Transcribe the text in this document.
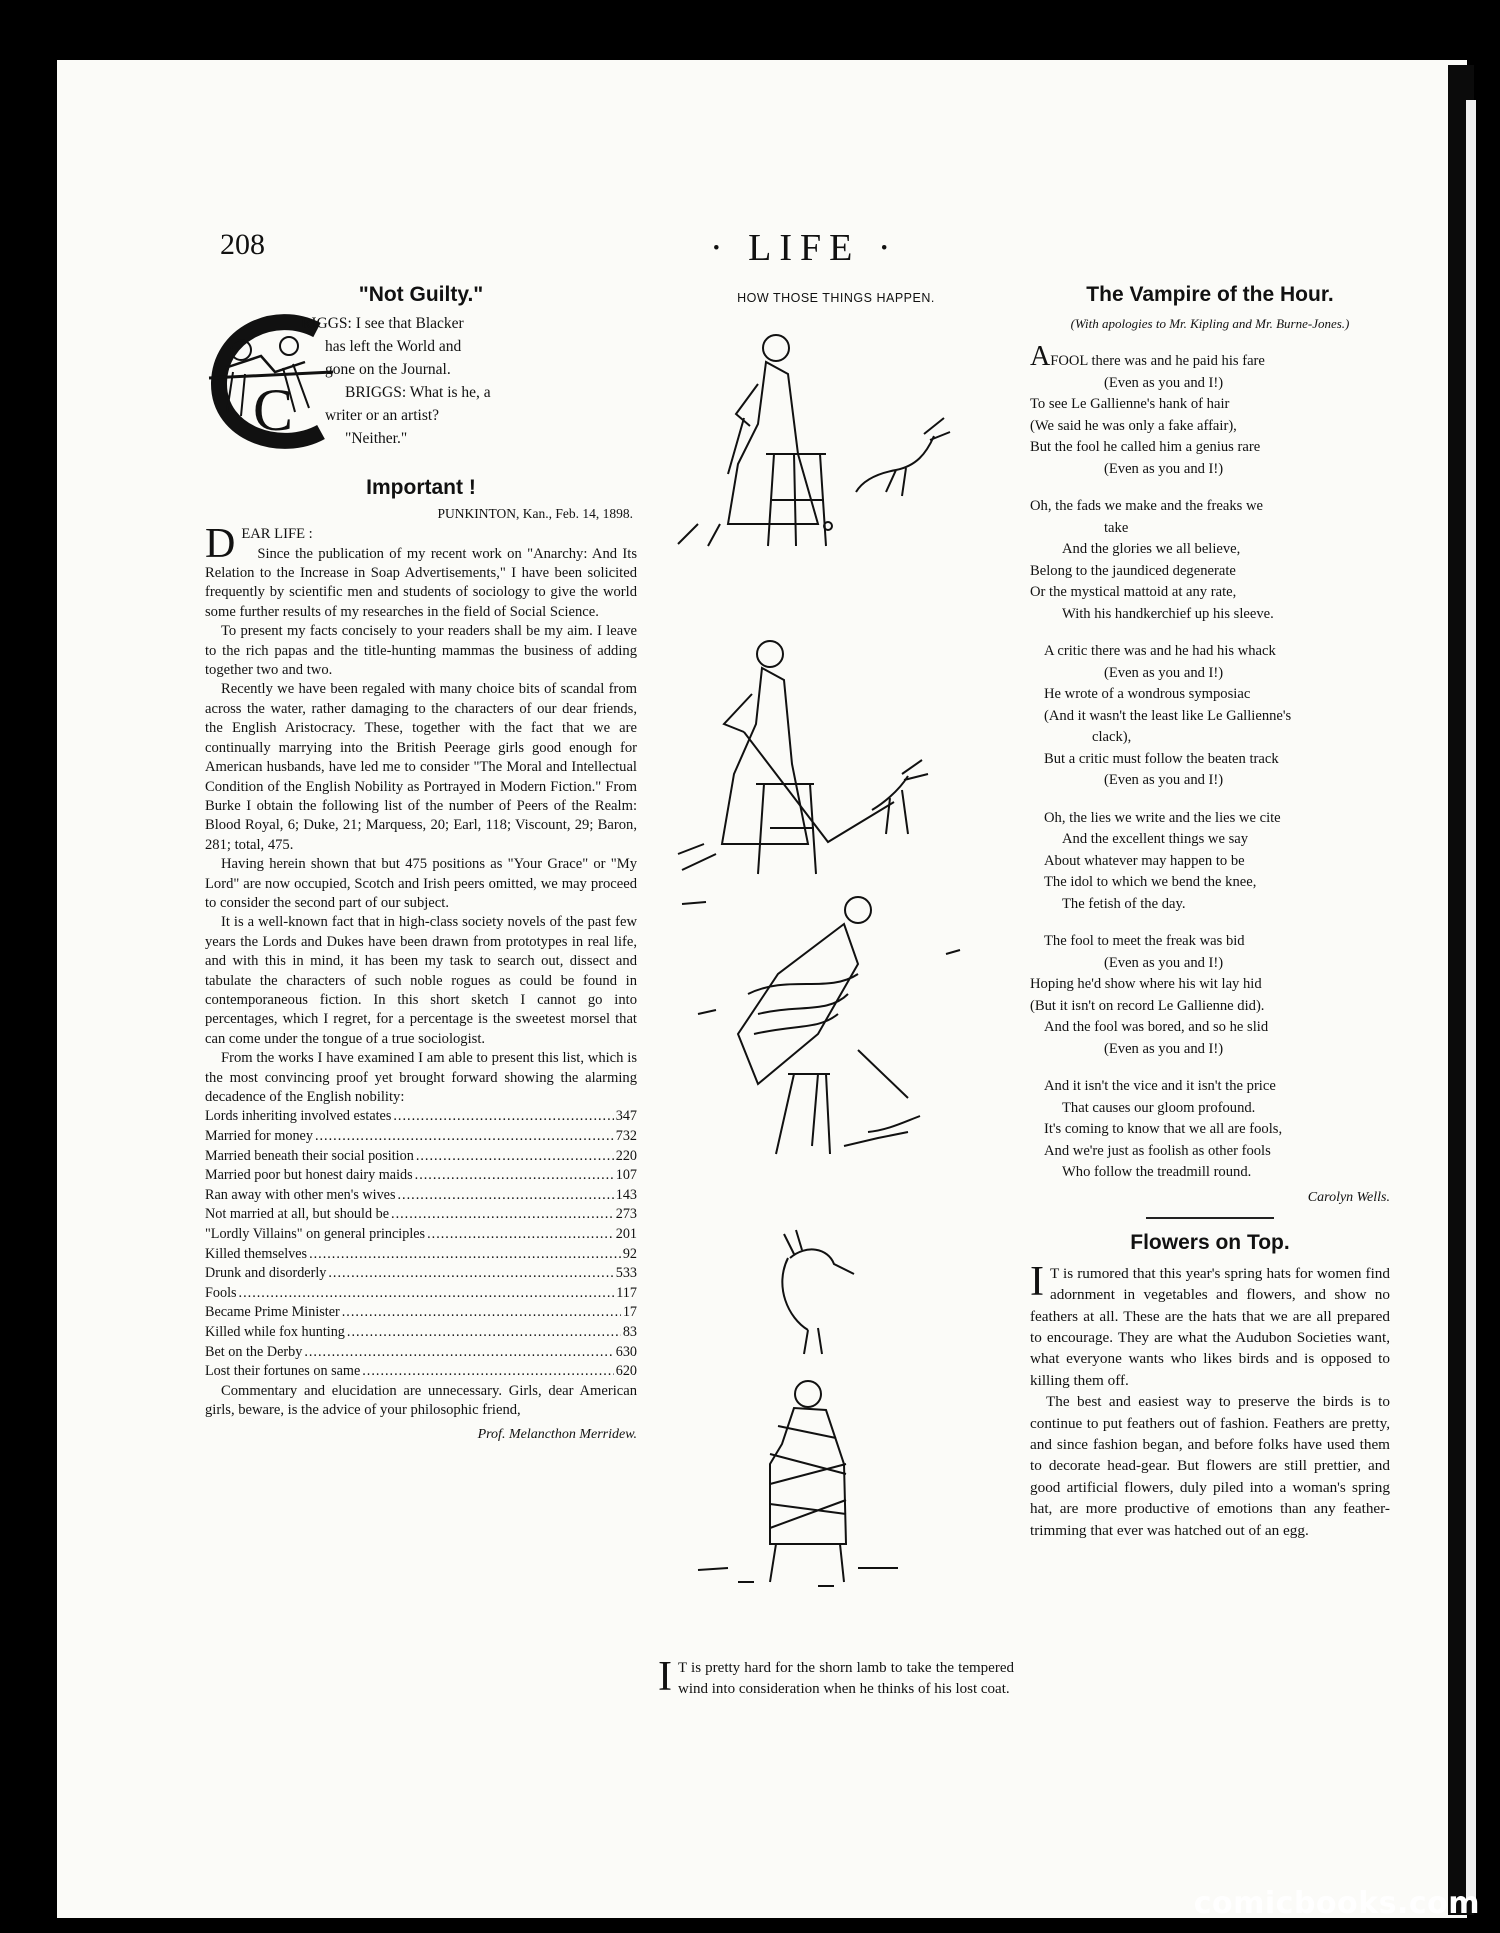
208	· LIFE ·
"Not Guilty."
C
RIGGS: I see that Blacker
has left the World and
gone on the Journal.
BRIGGS: What is he, a
writer or an artist?
"Neither."
Important !
PUNKINTON, Kan., Feb. 14, 1898.
D EAR LIFE :

Since the publication of my recent work on "Anarchy: And Its Relation to the Increase in Soap Advertisements," I have been solicited frequently by scientific men and students of sociology to give the world some further results of my researches in the field of Social Science.

To present my facts concisely to your readers shall be my aim. I leave to the rich papas and the title-hunting mammas the business of adding together two and two.

Recently we have been regaled with many choice bits of scandal from across the water, rather damaging to the characters of our dear friends, the English Aristocracy. These, together with the fact that we are continually marrying into the British Peerage girls good enough for American husbands, have led me to consider "The Moral and Intellectual Condition of the English Nobility as Portrayed in Modern Fiction." From Burke I obtain the following list of the number of Peers of the Realm: Blood Royal, 6; Duke, 21; Marquess, 20; Earl, 118; Viscount, 29; Baron, 281; total, 475.

Having herein shown that but 475 positions as "Your Grace" or "My Lord" are now occupied, Scotch and Irish peers omitted, we may proceed to consider the second part of our subject.

It is a well-known fact that in high-class society novels of the past few years the Lords and Dukes have been drawn from prototypes in real life, and with this in mind, it has been my task to search out, dissect and tabulate the characters of such noble rogues as could be found in contemporaneous fiction. In this short sketch I cannot go into percentages, which I regret, for a percentage is the sweetest morsel that can come under the tongue of a true sociologist.

From the works I have examined I am able to present this list, which is the most convincing proof yet brought forward showing the alarming decadence of the English nobility:

Lords inheriting involved estates .....	347
Married for money .....	732
Married beneath their social position .....	220
Married poor but honest dairy maids .....	107
Ran away with other men's wives .....	143
Not married at all, but should be .....	273
"Lordly Villains" on general principles .....	201
Killed themselves .....	92
Drunk and disorderly .....	533
Fools .....	117
Became Prime Minister .....	17
Killed while fox hunting .....	83
Bet on the Derby .....	630
Lost their fortunes on same .....	620

Commentary and elucidation are unnecessary. Girls, dear American girls, beware, is the advice of your philosophic friend,

Prof. Melancthon Merridew.
HOW THOSE THINGS HAPPEN.
I T is pretty hard for the shorn lamb to take the tempered wind into consideration when he thinks of his lost coat.
The Vampire of the Hour.
(With apologies to Mr. Kipling and Mr. Burne-Jones.)
AFOOL there was and he paid his fare
(Even as you and I!)
To see Le Gallienne's hank of hair
(We said he was only a fake affair),
But the fool he called him a genius rare
(Even as you and I!)
Oh, the fads we make and the freaks we
take
And the glories we all believe,
Belong to the jaundiced degenerate
Or the mystical mattoid at any rate,
With his handkerchief up his sleeve.
A critic there was and he had his whack
(Even as you and I!)
He wrote of a wondrous symposiac
(And it wasn't the least like Le Gallienne's
clack),
But a critic must follow the beaten track
(Even as you and I!)
Oh, the lies we write and the lies we cite
And the excellent things we say
About whatever may happen to be
The idol to which we bend the knee,
The fetish of the day.
The fool to meet the freak was bid
(Even as you and I!)
Hoping he'd show where his wit lay hid
(But it isn't on record Le Gallienne did).
And the fool was bored, and so he slid
(Even as you and I!)
And it isn't the vice and it isn't the price
That causes our gloom profound.
It's coming to know that we all are fools,
And we're just as foolish as other fools
Who follow the treadmill round.
Carolyn Wells.
Flowers on Top.
I T is rumored that this year's spring hats for women find adornment in vegetables and flowers, and show no feathers at all. These are the hats that we are all prepared to encourage. They are what the Audubon Societies want, what everyone wants who likes birds and is opposed to killing them off.

The best and easiest way to preserve the birds is to continue to put feathers out of fashion. Feathers are pretty, and since fashion began, and before folks have used them to decorate head-gear. But flowers are still prettier, and good artificial flowers, duly piled into a woman's spring hat, are more productive of emotions than any feather-trimming that ever was hatched out of an egg.

comicbooks.com
